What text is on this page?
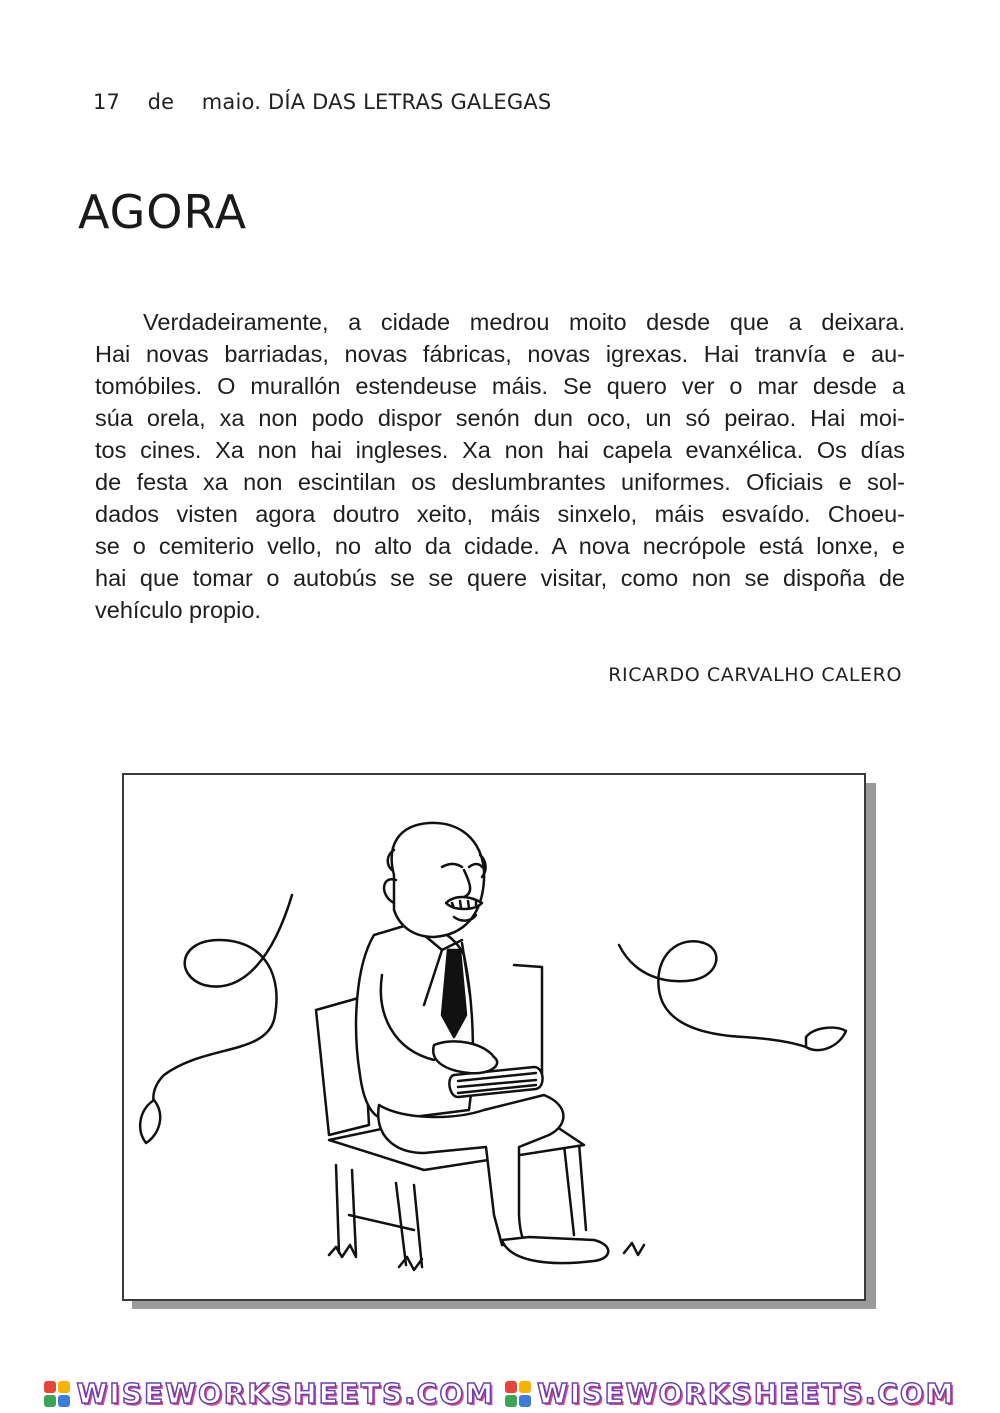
17    de    maio. DÍA DAS LETRAS GALEGAS
AGORA
Verdadeiramente, a cidade medrou moito desde que a deixara.
Hai novas barriadas, novas fábricas, novas igrexas. Hai tranvía e au-
tomóbiles. O murallón estendeuse máis. Se quero ver o mar desde a
súa orela, xa non podo dispor senón dun oco, un só peirao. Hai moi-
tos cines. Xa non hai ingleses. Xa non hai capela evanxélica. Os días
de festa xa non escintilan os deslumbrantes uniformes. Oficiais e sol-
dados visten agora doutro xeito, máis sinxelo, máis esvaído. Choeu-
se o cemiterio vello, no alto da cidade. A nova necrópole está lonxe, e
hai que tomar o autobús se se quere visitar, como non se dispoña de
vehículo propio.
RICARDO CARVALHO CALERO
WISEWORKSHEETS.COM WISEWORKSHEETS.COM
